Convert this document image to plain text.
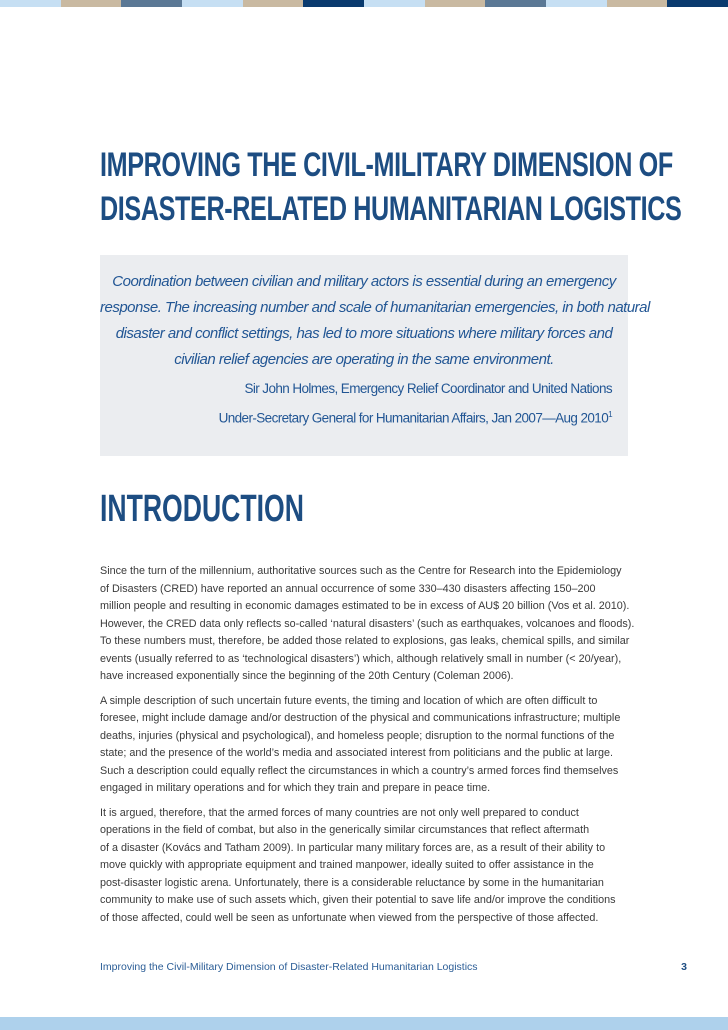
IMPROVING THE CIVIL-MILITARY DIMENSION OF
DISASTER-RELATED HUMANITARIAN LOGISTICS

Coordination between civilian and military actors is essential during an emergency
response. The increasing number and scale of humanitarian emergencies, in both natural
disaster and conflict settings, has led to more situations where military forces and
civilian relief agencies are operating in the same environment.

Sir John Holmes, Emergency Relief Coordinator and United Nations
Under-Secretary General for Humanitarian Affairs, Jan 2007—Aug 2010$^1$
INTRODUCTION

Since the turn of the millennium, authoritative sources such as the Centre for Research into the Epidemiology
of Disasters (CRED) have reported an annual occurrence of some 330–430 disasters affecting 150–200
million people and resulting in economic damages estimated to be in excess of AU$ 20 billion (Vos et al. 2010).
However, the CRED data only reflects so-called ‘natural disasters’ (such as earthquakes, volcanoes and floods).
To these numbers must, therefore, be added those related to explosions, gas leaks, chemical spills, and similar
events (usually referred to as ‘technological disasters’) which, although relatively small in number (< 20/year),
have increased exponentially since the beginning of the 20th Century (Coleman 2006).

A simple description of such uncertain future events, the timing and location of which are often difficult to
foresee, might include damage and/or destruction of the physical and communications infrastructure; multiple
deaths, injuries (physical and psychological), and homeless people; disruption to the normal functions of the
state; and the presence of the world’s media and associated interest from politicians and the public at large.
Such a description could equally reflect the circumstances in which a country’s armed forces find themselves
engaged in military operations and for which they train and prepare in peace time.

It is argued, therefore, that the armed forces of many countries are not only well prepared to conduct
operations in the field of combat, but also in the generically similar circumstances that reflect aftermath
of a disaster (Kovács and Tatham 2009). In particular many military forces are, as a result of their ability to
move quickly with appropriate equipment and trained manpower, ideally suited to offer assistance in the
post-disaster logistic arena. Unfortunately, there is a considerable reluctance by some in the humanitarian
community to make use of such assets which, given their potential to save life and/or improve the conditions
of those affected, could well be seen as unfortunate when viewed from the perspective of those affected.

Improving the Civil-Military Dimension of Disaster-Related Humanitarian Logistics	3
